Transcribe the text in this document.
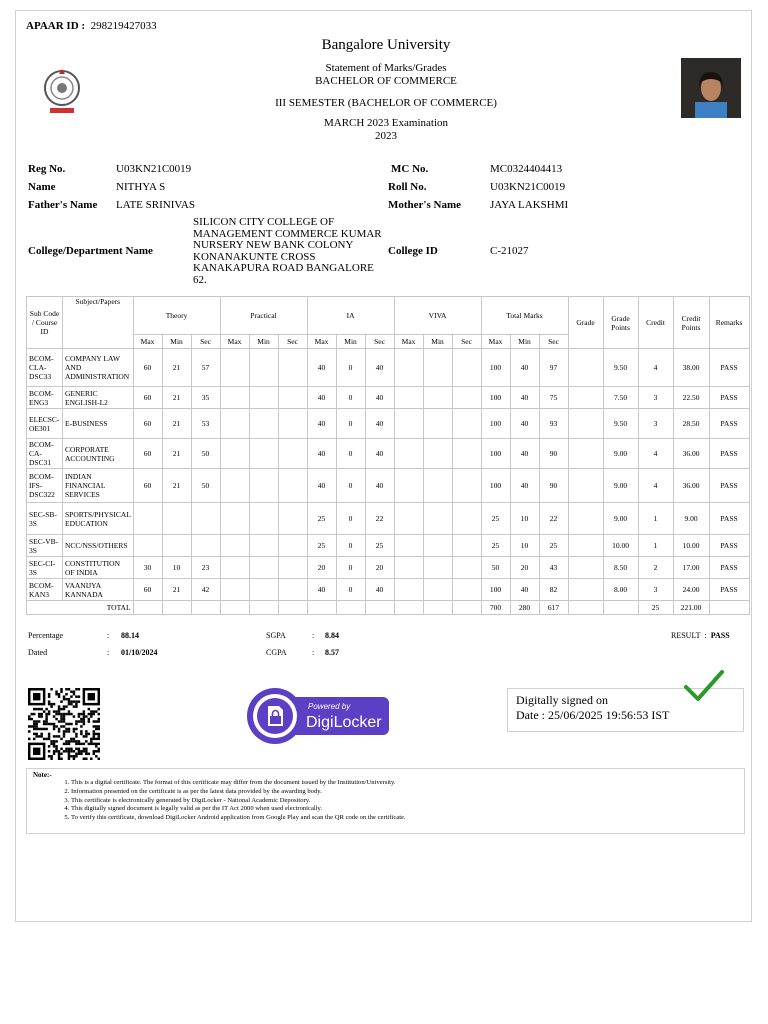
APAAR ID : 298219427033
Bangalore University
Statement of Marks/Grades
BACHELOR OF COMMERCE
III SEMESTER (BACHELOR OF COMMERCE)
MARCH 2023 Examination
2023
Reg No.	U03KN21C0019
Name	NITHYA S
Father's Name LATE SRINIVAS
College/Department Name
SILICON CITY COLLEGE OF MANAGEMENT COMMERCE KUMAR NURSERY NEW BANK COLONY KONANAKUNTE CROSS KANAKAPURA ROAD BANGALORE 62.
MC No.	MC0324404413
Roll No.	U03KN21C0019
Mother's Name	JAYA LAKSHMI
College ID	C-21027
Sub Code / Course ID	Subject/Papers	Theory			Practical			IA			VIVA			Total Marks			Grade	Grade Points	Credit	Credit Points	Remarks
		Max	Min	Sec	Max	Min	Sec	Max	Min	Sec	Max	Min	Sec	Max	Min	Sec					
BCOM-CLA-DSC33	COMPANY LAW AND ADMINISTRATION	60	21	57				40	0	40				100	40	97		9.50	4	38.00	PASS
BCOM-ENG3	GENERIC ENGLISH-L2	60	21	35				40	0	40				100	40	75		7.50	3	22.50	PASS
ELECSC-OE301	E-BUSINESS	60	21	53				40	0	40				100	40	93		9.50	3	28.50	PASS
BCOM-CA-DSC31	CORPORATE ACCOUNTING	60	21	50				40	0	40				100	40	90		9.00	4	36.00	PASS
BCOM-IFS-DSC322	INDIAN FINANCIAL SERVICES	60	21	50				40	0	40				100	40	90		9.00	4	36.00	PASS
SEC-SB-3S	SPORTS/PHYSICAL EDUCATION							25	0	22				25	10	22		9.00	1	9.00	PASS
SEC-VB-3S	NCC/NSS/OTHERS							25	0	25				25	10	25		10.00	1	10.00	PASS
SEC-CI-3S	CONSTITUTION OF INDIA	30	10	23				20	0	20				50	20	43		8.50	2	17.00	PASS
BCOM-KAN3	VAANIJYA KANNADA	60	21	42				40	0	40				100	40	82		8.00	3	24.00	PASS
TOTAL														700	280	617			25	221.00	
Percentage	: 88.14
Dated	: 01/10/2024
SGPA	: 8.84
CGPA	: 8.57
RESULT  :  PASS
Powered by
DigiLocker
Digitally signed on
Date : 25/06/2025 19:56:53 IST
Note:-
1. This is a digital certificate. The format of this certificate may differ from the document issued by the Institution/University.
2. Information presented on the certificate is as per the latest data provided by the awarding body.
3. This certificate is electronically generated by DigiLocker - National Academic Depository.
4. This digitally signed document is legally valid as per the IT Act 2000 when used electronically.
5. To verify this certificate, download DigiLocker Android application from Google Play and scan the QR code on the certificate.
